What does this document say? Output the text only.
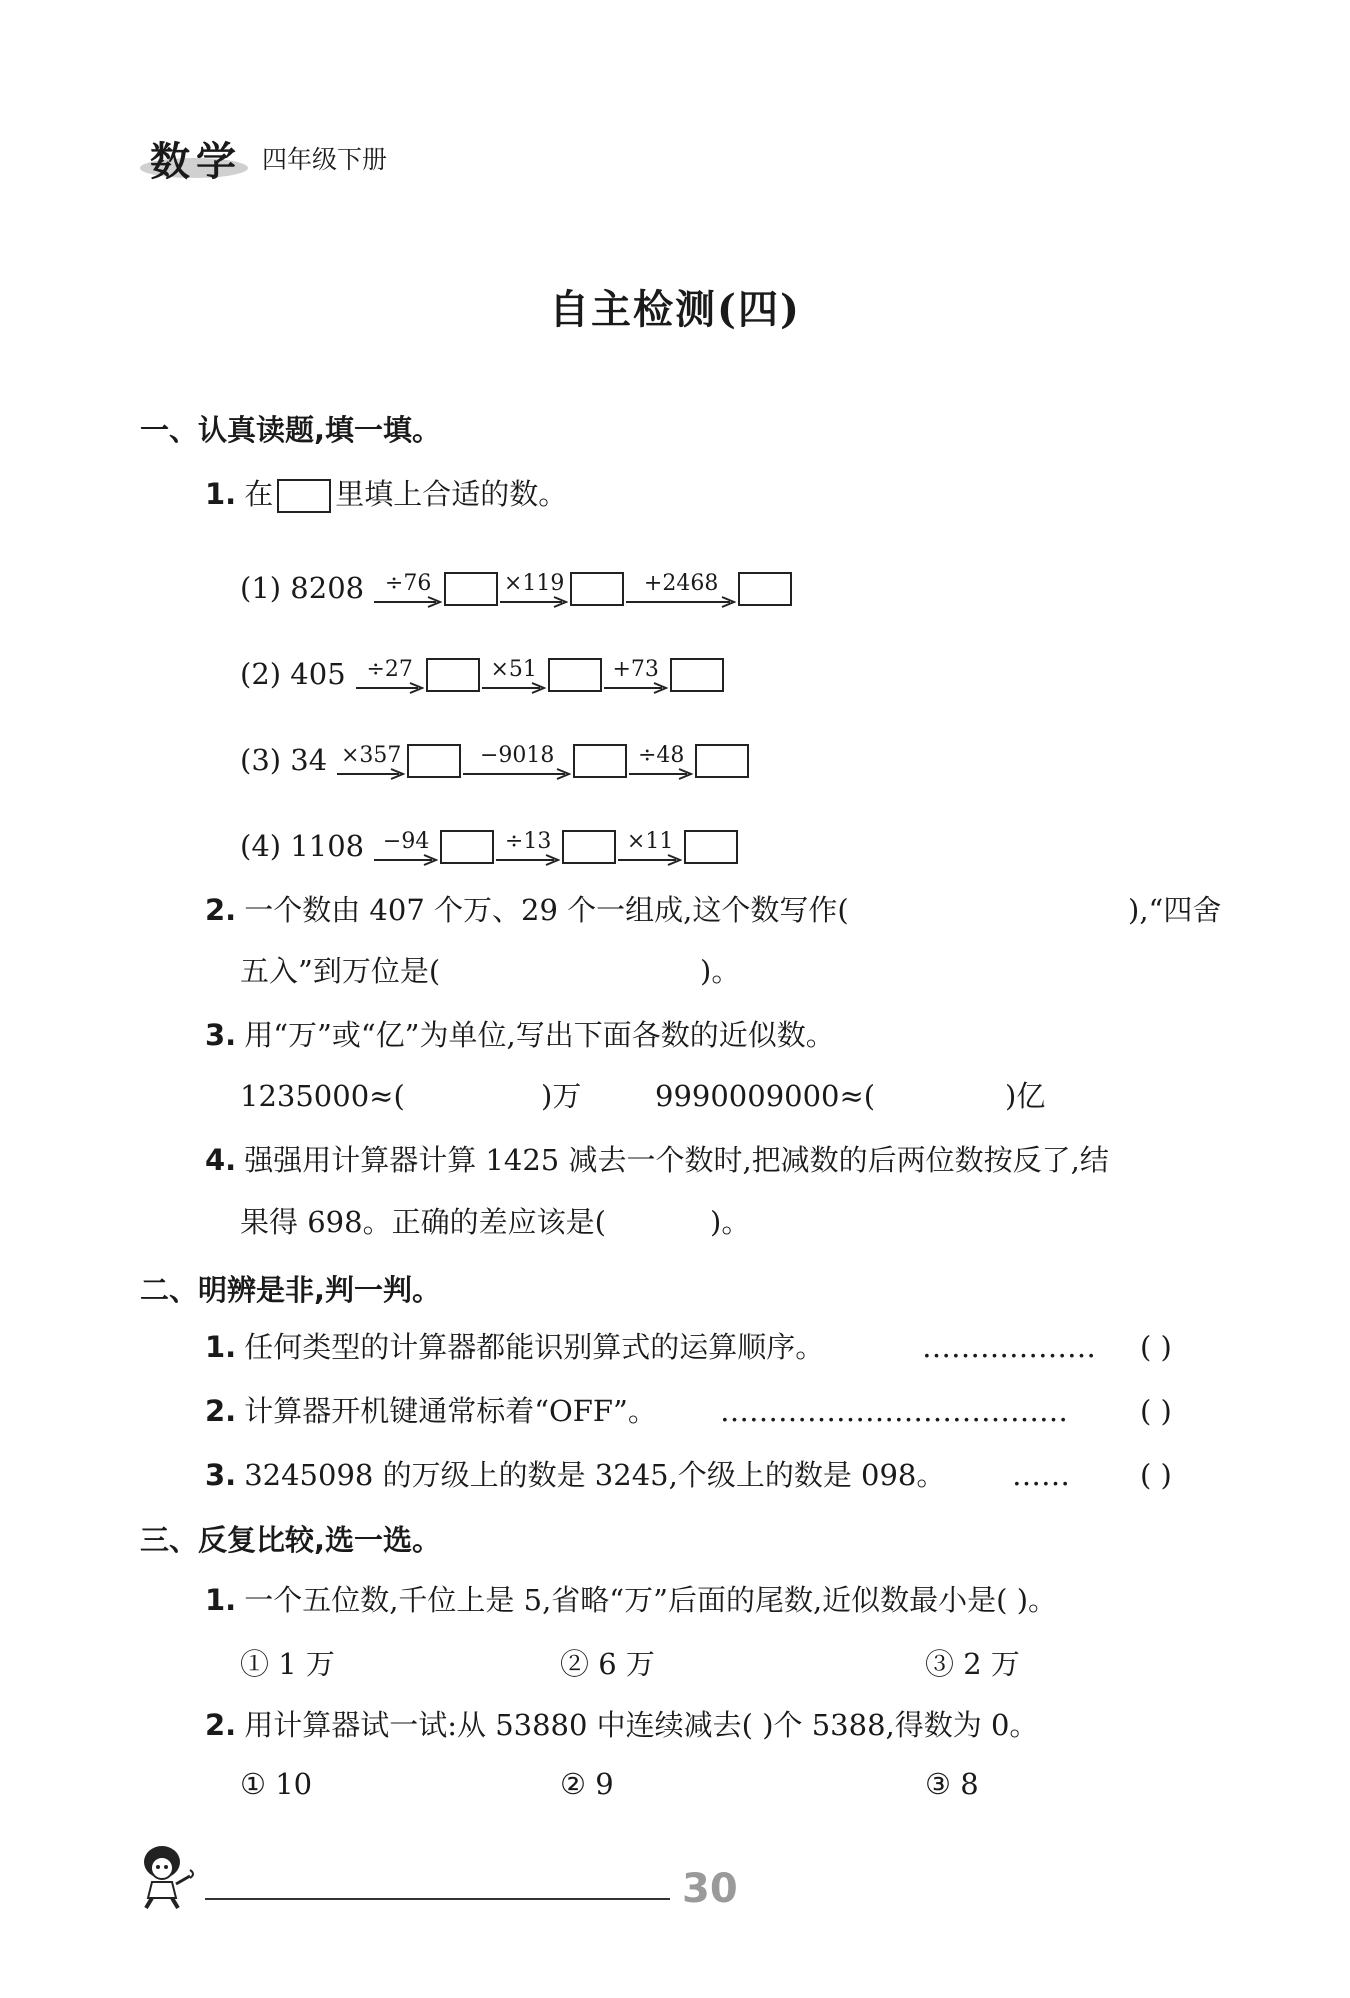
数学 四年级下册
自主检测(四)
一、认真读题,填一填。
1. 在 里填上合适的数。
(1) 8208 ÷76	×119	+2468
(2) 405 ÷27	×51	+73
(3) 34 ×357	−9018	÷48
(4) 1108 −94	÷13	×11
2. 一个数由 407 个万、29 个一组成,这个数写作(	),“四舍
五入”到万位是(	)。
3. 用“万”或“亿”为单位,写出下面各数的近似数。
1235000≈(	)万	9990009000≈(	)亿
4. 强强用计算器计算 1425 减去一个数时,把减数的后两位数按反了,结
果得 698。正确的差应该是(	)。
二、明辨是非,判一判。
1. 任何类型的计算器都能识别算式的运算顺序。	……………… ( )
2. 计算器开机键通常标着“OFF”。 ……………………………… ( )
3. 3245098 的万级上的数是 3245,个级上的数是 098。 …… ( )
三、反复比较,选一选。
1. 一个五位数,千位上是 5,省略“万”后面的尾数,近似数最小是( )。
① 1 万	② 6 万	③ 2 万
2. 用计算器试一试:从 53880 中连续减去( )个 5388,得数为 0。
① 10	② 9	③ 8
30
